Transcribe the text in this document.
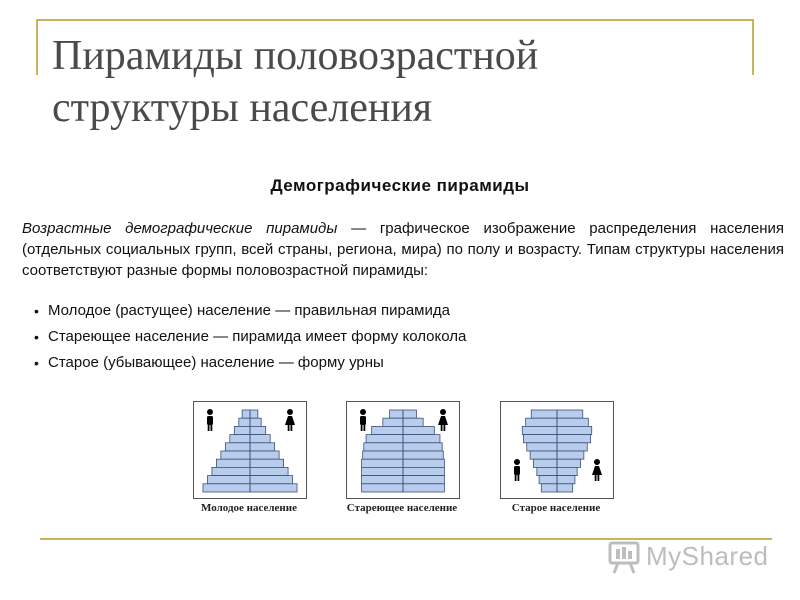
Пирамиды половозрастной
структуры населения
Демографические пирамиды
Возрастные демографические пирамиды — графическое изображение распределения населения (отдельных социальных групп, всей страны, региона, мира) по полу и возрасту. Типам структуры населения соответствуют разные формы половозрастной пирамиды:
• Молодое (растущее) население — правильная пирамида
• Стареющее население — пирамида имеет форму колокола
• Старое (убывающее) население — форму урны
Молодое население	Стареющее население	Старое население
MyShared
